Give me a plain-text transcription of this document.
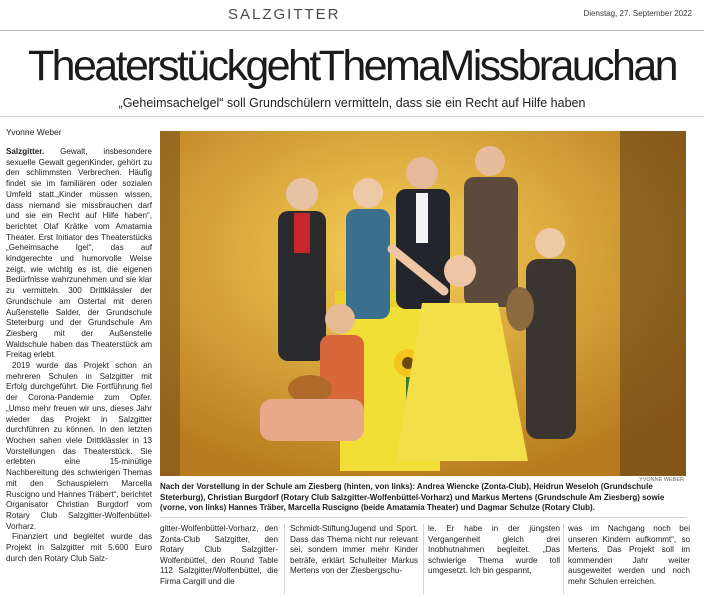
SALZGITTER	Dienstag, 27. September 2022
TheaterstückgehtThemaMissbrauchan
„Geheimsachelgel“ soll Grundschülern vermitteln, dass sie ein Recht auf Hilfe haben
Yvonne Weber

Salzgitter. Gewalt, insbesondere sexuelle Gewalt gegenKinder, gehört zu den schlimmsten Verbrechen. Häufig findet sie im familiären oder sozialen Umfeld statt.„Kinder müssen wissen, dass niemand sie missbrauchen darf und sie ein Recht auf Hilfe haben“, berichtet Olaf Krätke vom Amatamia Theater. Erst Initiator des Theaterstücks „Geheimsache Igel“, das auf kindgerechte und humorvolle Weise zeigt, wie wichtig es ist, die eigenen Bedürfnisse wahrzunehmen und sie klar zu vermitteln. 300 Drittklässler der Grundschule am Ostertal mit deren Außenstelle Salder, der Grundschule Steterburg und der Grundschule Am Ziesberg mit der Außenstelle Waldschule haben das Theaterstück am Freitag erlebt.

2019 wurde das Projekt schon an mehreren Schulen in Salzgitter mit Erfolg durchgeführt. Die Fortführung fiel der Corona-Pandemie zum Opfer. „Umso mehr freuen wir uns, dieses Jahr wieder das Projekt in Salzgitter durchführen zu können. In den letzten Wochen sahen viele Drittklässler in 13 Vorstellungen das Theaterstück. Sie erlebten eine 15-minütige Nachbereitung des schwierigen Themas mit den Schauspielern Marcella Ruscigno und Hannes Träbert“, berichtet Organisator Christian Burgdorf vom Rotary Club Salzgitter-Wolfenbüttel-Vorharz.

Finanziert und begleitet wurde das Projekt in Salzgitter mit 5.600 Euro durch den Rotary Club Salz-

YVONNE WEBER
Nach der Vorstellung in der Schule am Ziesberg (hinten, von links): Andrea Wiencke (Zonta-Club), Heidrun Weseloh (Grundschule Steterburg), Christian Burgdorf (Rotary Club Salzgitter-Wolfenbüttel-Vorharz) und Markus Mertens (Grundschule Am Ziesberg) sowie (vorne, von links) Hannes Träber, Marcella Ruscigno (beide Amatamia Theater) und Dagmar Schulze (Rotary Club).
gitter-Wolfenbüttel-Vorharz, den Zonta-Club Salzgitter, den Rotary Club Salzgitter-Wolfenbüttel, den Round Table 112 Salzgitter/Wolfenbüttel, die Firma Cargill und die
Schmidt-StiftungJugend und Sport. Dass das Thema nicht nur relevant sei, sondern immer mehr Kinder beträfe, erklärt Schulleiter Markus Mertens von der Ziesbergschu-
le. Er habe in der jüngsten Vergangenheit gleich drei Inobhutnahmen begleitet. „Das schwierige Thema wurde toll umgesetzt. Ich bin gespannt,
was im Nachgang noch bei unseren Kindern aufkommt“, so Mertens. Das Projekt soll im kommenden Jahr weiter ausgeweitet werden und noch mehr Schulen erreichen.
